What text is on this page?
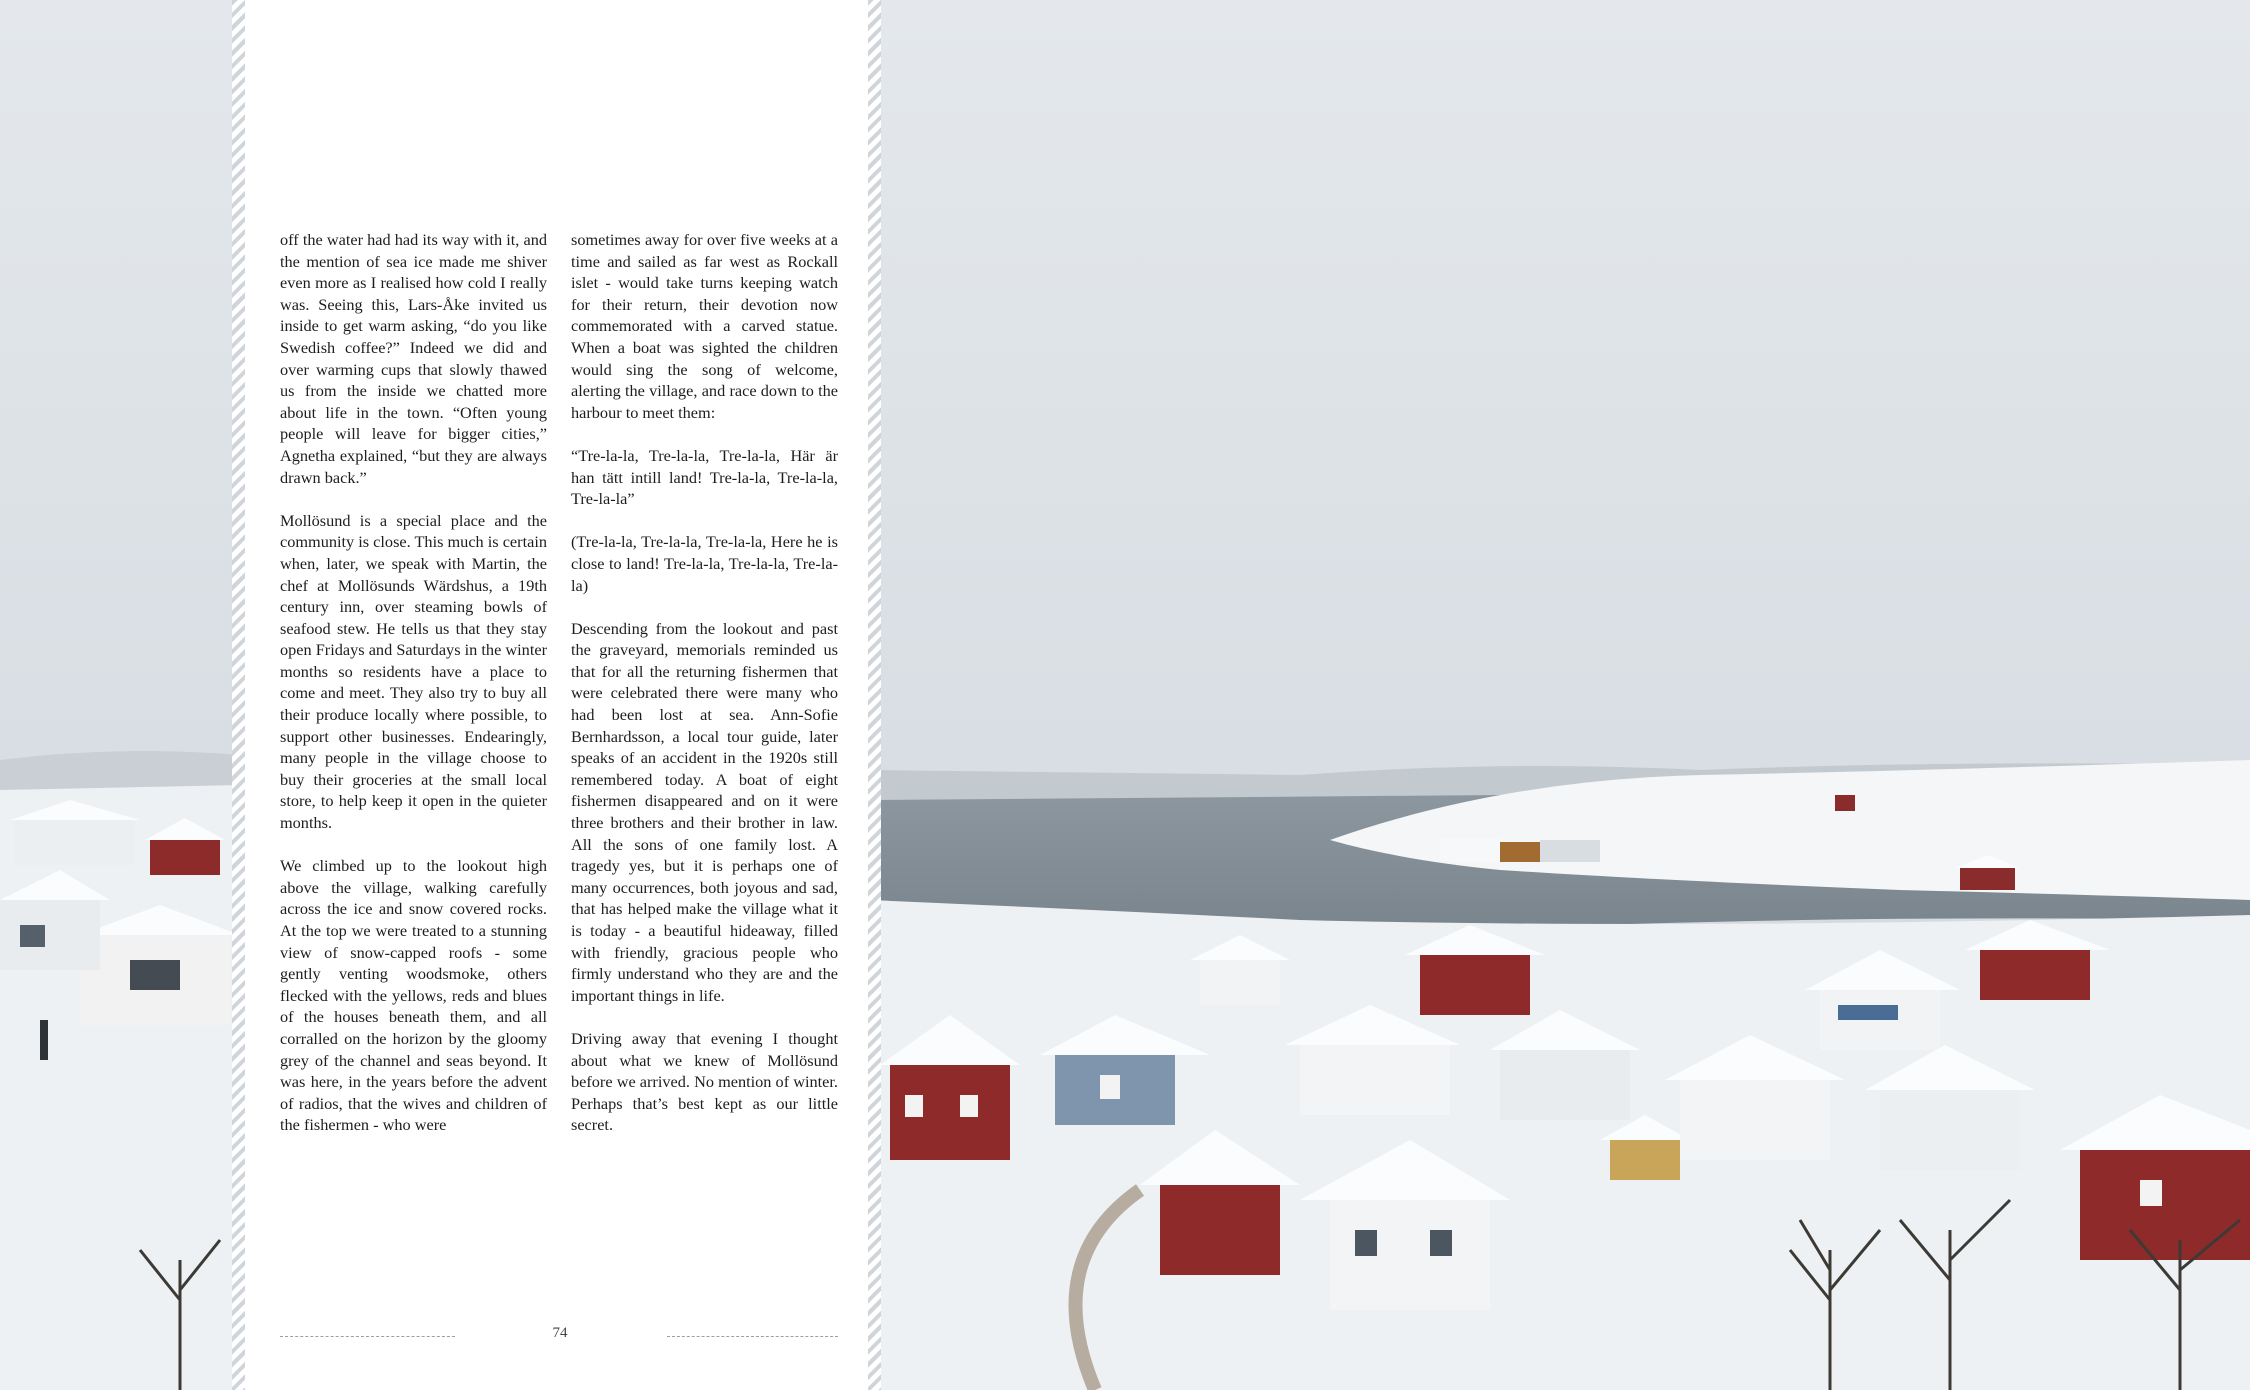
off the water had had its way with it, and the mention of sea ice made me shiver even more as I realised how cold I really was. Seeing this, Lars-Åke invited us inside to get warm asking, “do you like Swedish coffee?” Indeed we did and over warming cups that slowly thawed us from the inside we chatted more about life in the town. “Often young people will leave for bigger cities,” Agnetha explained, “but they are always drawn back.”

Mollösund is a special place and the community is close. This much is certain when, later, we speak with Martin, the chef at Mollösunds Wärdshus, a 19th century inn, over steaming bowls of seafood stew. He tells us that they stay open Fridays and Saturdays in the winter months so residents have a place to come and meet. They also try to buy all their produce locally where possible, to support other businesses. Endearingly, many people in the village choose to buy their groceries at the small local store, to help keep it open in the quieter months.

We climbed up to the lookout high above the village, walking carefully across the ice and snow covered rocks. At the top we were treated to a stunning view of snow-capped roofs - some gently venting woodsmoke, others flecked with the yellows, reds and blues of the houses beneath them, and all corralled on the horizon by the gloomy grey of the channel and seas beyond. It was here, in the years before the advent of radios, that the wives and children of the fishermen - who were

sometimes away for over five weeks at a time and sailed as far west as Rockall islet - would take turns keeping watch for their return, their devotion now commemorated with a carved statue. When a boat was sighted the children would sing the song of welcome, alerting the village, and race down to the harbour to meet them:

“Tre-la-la, Tre-la-la, Tre-la-la, Här är han tätt intill land! Tre-la-la, Tre-la-la, Tre-la-la”

(Tre-la-la, Tre-la-la, Tre-la-la, Here he is close to land! Tre-la-la, Tre-la-la, Tre-la-la)

Descending from the lookout and past the graveyard, memorials reminded us that for all the returning fishermen that were celebrated there were many who had been lost at sea. Ann-Sofie Bernhardsson, a local tour guide, later speaks of an accident in the 1920s still remembered today. A boat of eight fishermen disappeared and on it were three brothers and their brother in law. All the sons of one family lost. A tragedy yes, but it is perhaps one of many occurrences, both joyous and sad, that has helped make the village what it is today - a beautiful hideaway, filled with friendly, gracious people who firmly understand who they are and the important things in life.

Driving away that evening I thought about what we knew of Mollösund before we arrived. No mention of winter. Perhaps that’s best kept as our little secret.

74
